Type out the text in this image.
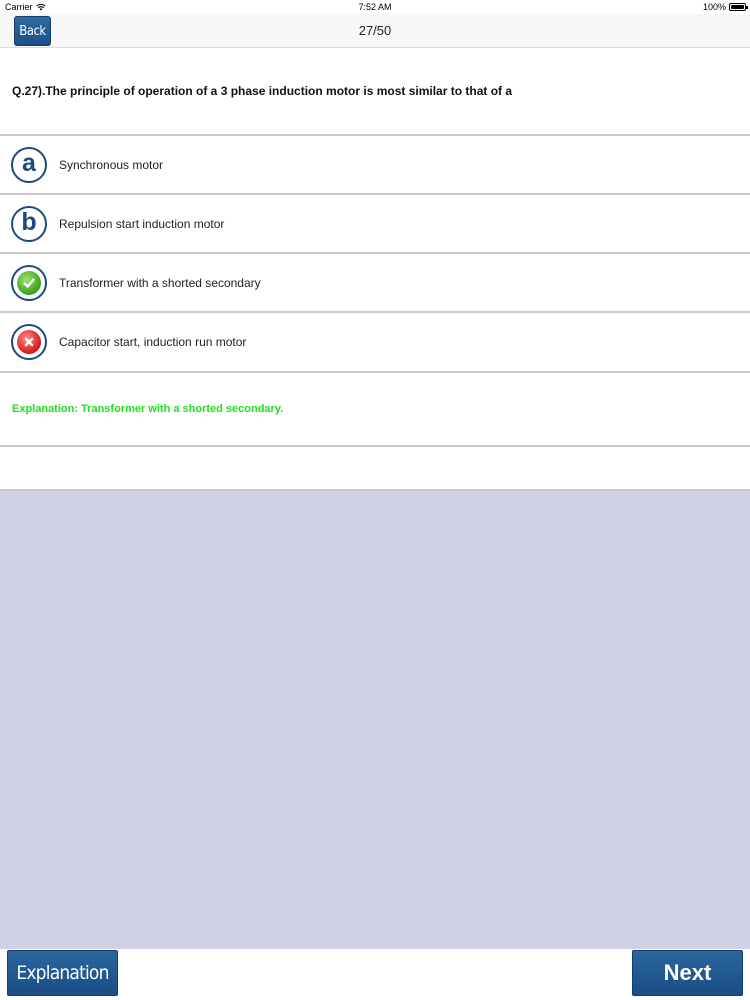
Carrier	7:52 AM	100%
Back	27/50
Q.27).The principle of operation of a 3 phase induction motor is most similar to that of a
a Synchronous motor
b Repulsion start induction motor
Transformer with a shorted secondary
Capacitor start, induction run motor
Explanation: Transformer with a shorted secondary.
Explanation	Next
